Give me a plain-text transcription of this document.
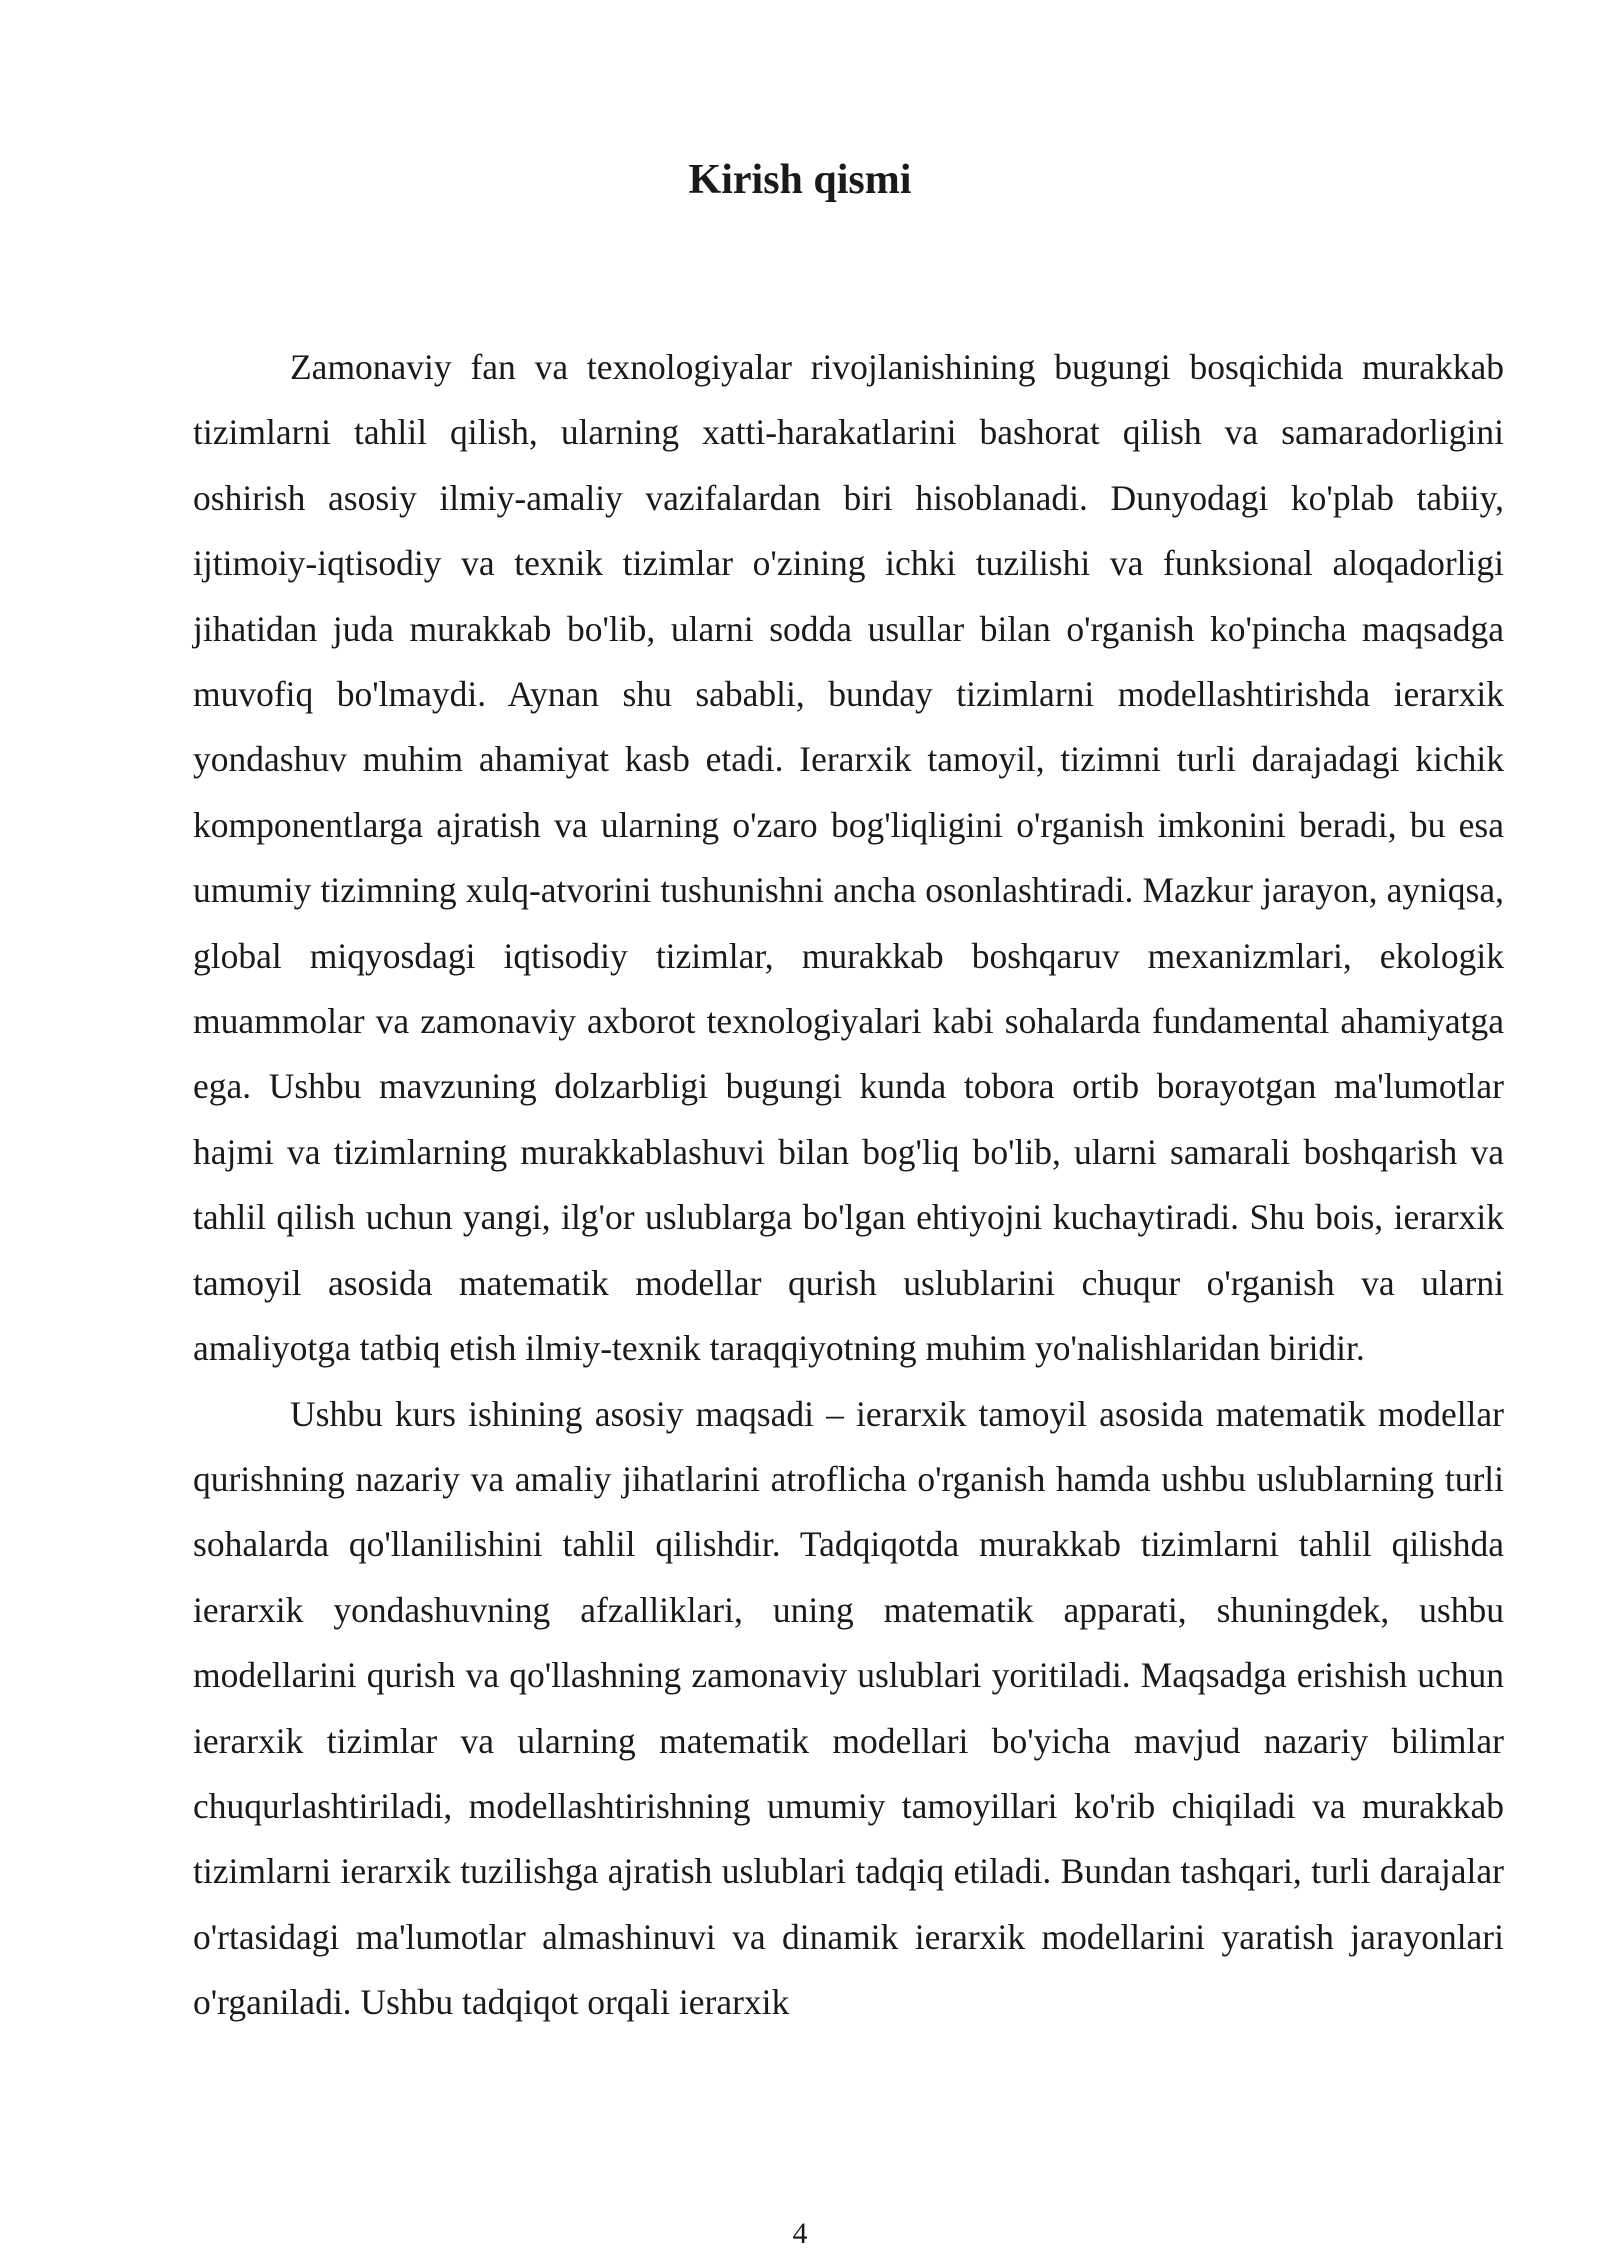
Kirish qismi

Zamonaviy fan va texnologiyalar rivojlanishining bugungi bosqichida murakkab tizimlarni tahlil qilish, ularning xatti-harakatlarini bashorat qilish va samaradorligini oshirish asosiy ilmiy-amaliy vazifalardan biri hisoblanadi. Dunyodagi ko'plab tabiiy, ijtimoiy-iqtisodiy va texnik tizimlar o'zining ichki tuzilishi va funksional aloqadorligi jihatidan juda murakkab bo'lib, ularni sodda usullar bilan o'rganish ko'pincha maqsadga muvofiq bo'lmaydi. Aynan shu sababli, bunday tizimlarni modellashtirishda ierarxik yondashuv muhim ahamiyat kasb etadi. Ierarxik tamoyil, tizimni turli darajadagi kichik komponentlarga ajratish va ularning o'zaro bog'liqligini o'rganish imkonini beradi, bu esa umumiy tizimning xulq-atvorini tushunishni ancha osonlashtiradi. Mazkur jarayon, ayniqsa, global miqyosdagi iqtisodiy tizimlar, murakkab boshqaruv mexanizmlari, ekologik muammolar va zamonaviy axborot texnologiyalari kabi sohalarda fundamental ahamiyatga ega. Ushbu mavzuning dolzarbligi bugungi kunda tobora ortib borayotgan ma'lumotlar hajmi va tizimlarning murakkablashuvi bilan bog'liq bo'lib, ularni samarali boshqarish va tahlil qilish uchun yangi, ilg'or uslublarga bo'lgan ehtiyojni kuchaytiradi. Shu bois, ierarxik tamoyil asosida matematik modellar qurish uslublarini chuqur o'rganish va ularni amaliyotga tatbiq etish ilmiy-texnik taraqqiyotning muhim yo'nalishlaridan biridir.

Ushbu kurs ishining asosiy maqsadi – ierarxik tamoyil asosida matematik modellar qurishning nazariy va amaliy jihatlarini atroflicha o'rganish hamda ushbu uslublarning turli sohalarda qo'llanilishini tahlil qilishdir. Tadqiqotda murakkab tizimlarni tahlil qilishda ierarxik yondashuvning afzalliklari, uning matematik apparati, shuningdek, ushbu modellarini qurish va qo'llashning zamonaviy uslublari yoritiladi. Maqsadga erishish uchun ierarxik tizimlar va ularning matematik modellari bo'yicha mavjud nazariy bilimlar chuqurlashtiriladi, modellashtirishning umumiy tamoyillari ko'rib chiqiladi va murakkab tizimlarni ierarxik tuzilishga ajratish uslublari tadqiq etiladi. Bundan tashqari, turli darajalar o'rtasidagi ma'lumotlar almashinuvi va dinamik ierarxik modellarini yaratish jarayonlari o'rganiladi. Ushbu tadqiqot orqali ierarxik

4
